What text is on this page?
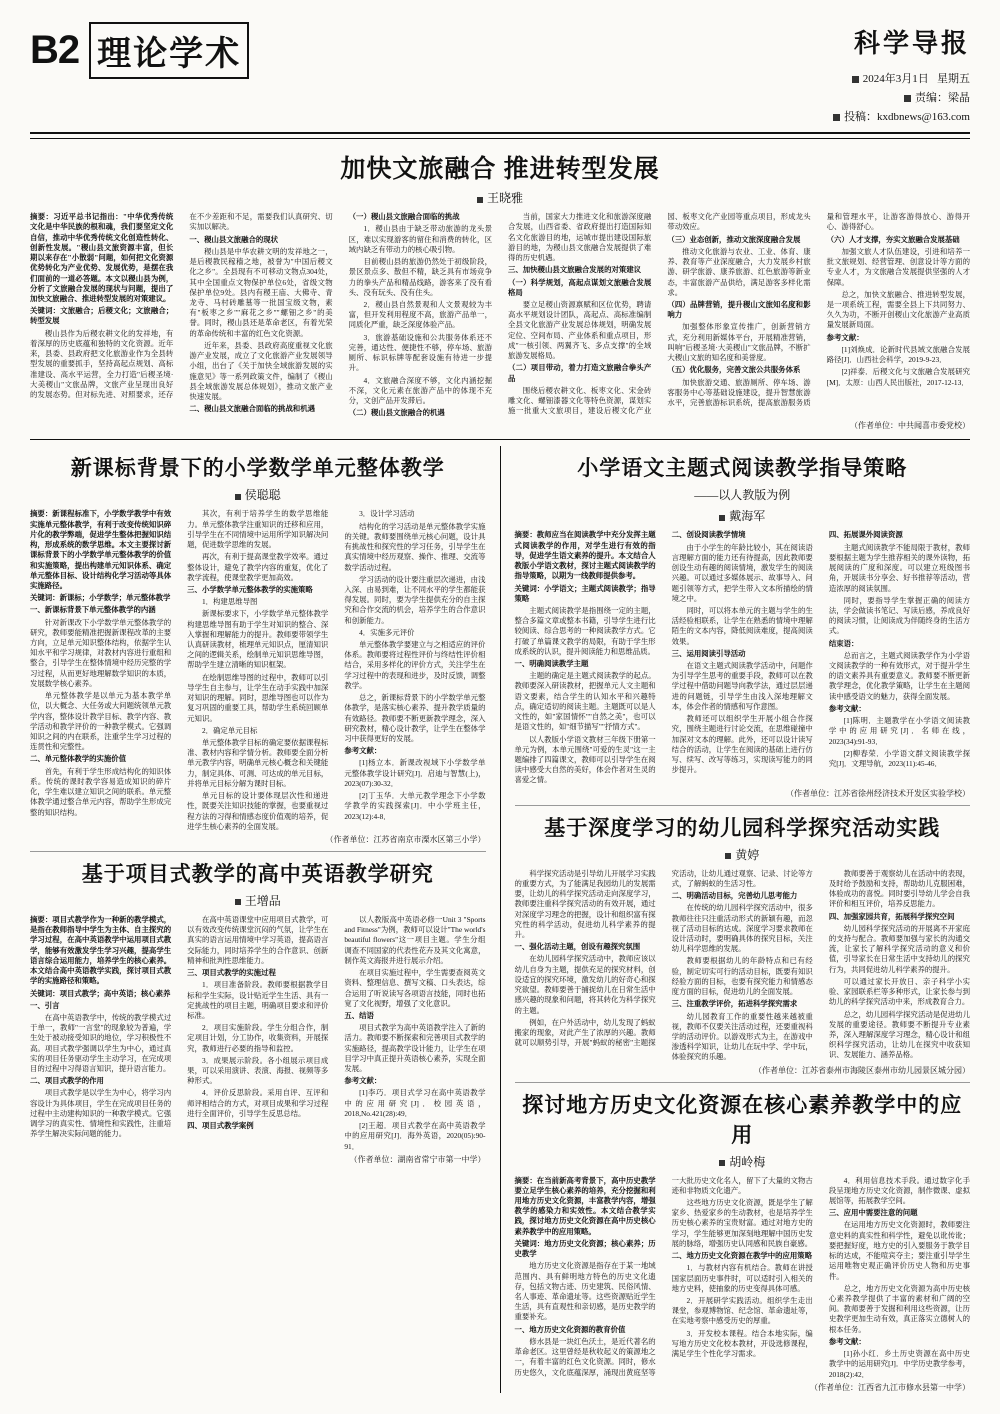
B2 理论学术	科学导报
2024年3月1日 星期五
责编：梁晶
投稿：kxdbnews@163.com
加快文旅融合 推进转型发展
王晓雅

摘要：习近平总书记指出："中华优秀传统文化是中华民族的根和魂，我们要坚定文化自信，推动中华优秀传统文化创造性转化、创新性发展。"稷山县文旅资源丰富，但长期以来存在"小散弱"问题，如何把文化资源优势转化为产业优势、发展优势，是摆在我们面前的一道必答题。本文以稷山县为例，分析了文旅融合发展的现状与问题，提出了加快文旅融合、推进转型发展的对策建议。

关键词：文旅融合；后稷文化；文旅融合；转型发展

稷山县作为后稷农耕文化的发祥地，有着深厚的历史底蕴和独特的文化资源。近年来，县委、县政府把文化旅游业作为全县转型发展的重要抓手，坚持高起点规划、高标准建设、高水平运营，全力打造"后稷圣境·大美稷山"文旅品牌，文旅产业呈现出良好的发展态势。但对标先进、对照要求，还存在不少差距和不足，需要我们认真研究、切实加以解决。

一、稷山县文旅融合的现状

稷山县是中华农耕文明的发祥地之一，是后稷教民稼穑之地，被誉为"中国后稷文化之乡"。全县现有不可移动文物点304处，其中全国重点文物保护单位6处，省级文物保护单位9处。县内有稷王庙、大佛寺、青龙寺、马村砖雕墓等一批国宝级文物，素有"板枣之乡""麻花之乡""螺钿之乡"的美誉。同时，稷山县还是革命老区，有着光荣的革命传统和丰富的红色文化资源。

近年来，县委、县政府高度重视文化旅游产业发展，成立了文化旅游产业发展领导小组，出台了《关于加快全域旅游发展的实施意见》等一系列政策文件，编制了《稷山县全域旅游发展总体规划》，推动文旅产业快速发展。

二、稷山县文旅融合面临的挑战和机遇

（一）稷山县文旅融合面临的挑战

1．稷山县由于缺乏带动旅游的龙头景区，难以实现游客的留住和消费的转化，区域内缺乏有带动力的核心吸引物。

目前稷山县的旅游仍然处于初级阶段，景区景点多、散但不精，缺乏具有市场竞争力的拳头产品和精品线路，游客来了没有看头、没有玩头、没有住头。

2．稷山县自然景观和人文景观较为丰富，但开发利用程度不高，旅游产品单一，同质化严重，缺乏深度体验产品。

3．旅游基础设施和公共服务体系还不完善，通达性、便捷性不够，停车场、旅游厕所、标识标牌等配套设施有待进一步提升。

4．文旅融合深度不够，文化内涵挖掘不深，文化元素在旅游产品中的体现不充分，文创产品开发滞后。

（二）稷山县文旅融合的机遇

当前，国家大力推进文化和旅游深度融合发展，山西省委、省政府提出打造国际知名文化旅游目的地，运城市提出建设国际旅游目的地，为稷山县文旅融合发展提供了难得的历史机遇。

三、加快稷山县文旅融合发展的对策建议

（一）科学规划，高起点谋划文旅融合发展格局

要立足稷山资源禀赋和区位优势，聘请高水平规划设计团队，高起点、高标准编制全县文化旅游产业发展总体规划，明确发展定位、空间布局、产业体系和重点项目，形成"一核引领、两翼齐飞、多点支撑"的全域旅游发展格局。

（二）项目带动，着力打造文旅融合拳头产品

围绕后稷农耕文化、板枣文化、宋金砖雕文化、螺钿漆器文化等特色资源，谋划实施一批重大文旅项目，建设后稷文化产业园、板枣文化产业园等重点项目，形成龙头带动效应。

（三）业态创新，推动文旅深度融合发展

推动文化旅游与农业、工业、体育、康养、教育等产业深度融合，大力发展乡村旅游、研学旅游、康养旅游、红色旅游等新业态，丰富旅游产品供给，满足游客多样化需求。

（四）品牌营销，提升稷山文旅知名度和影响力

加强整体形象宣传推广，创新营销方式，充分利用新媒体平台，开展精准营销，叫响"后稷圣境·大美稷山"文旅品牌，不断扩大稷山文旅的知名度和美誉度。

（五）优化服务，完善文旅公共服务体系

加快旅游交通、旅游厕所、停车场、游客服务中心等基础设施建设，提升智慧旅游水平，完善旅游标识系统，提高旅游服务质量和管理水平，让游客游得放心、游得开心、游得舒心。

（六）人才支撑，夯实文旅融合发展基础

加强文旅人才队伍建设，引进和培养一批文旅规划、经营管理、创意设计等方面的专业人才，为文旅融合发展提供坚强的人才保障。

总之，加快文旅融合、推进转型发展，是一项系统工程，需要全县上下共同努力、久久为功，不断开创稷山文化旅游产业高质量发展新局面。

参考文献：

[1]刘焕成．论新时代县域文旅融合发展路径[J]．山西社会科学，2019-9-23．

[2]祥泰．后稷文化与文旅融合发展研究[M]．太原：山西人民出版社，2017-12-13．

（作者单位：中共闻喜市委党校）
新课标背景下的小学数学单元整体教学
侯聪聪

摘要：新课程标准下，小学数学教学中有效实施单元整体教学，有利于改变传统知识碎片化的教学弊端，促进学生整体把握知识结构，形成系统的数学思维。本文主要探讨新课标背景下的小学数学单元整体教学的价值和实施策略，提出构建单元知识体系、确定单元整体目标、设计结构化学习活动等具体实施路径。

关键词：新课标；小学数学；单元整体教学

一、新课标背景下单元整体教学的内涵

针对新课改下小学数学单元整体教学的研究，教师要能精准把握新课程改革的主要方向，立足单元知识整体结构，依据学生认知水平和学习规律，对教材内容进行重组和整合，引导学生在整体情境中经历完整的学习过程，从而更好地理解数学知识的本质，发展数学核心素养。

单元整体教学是以单元为基本教学单位，以大概念、大任务或大问题统领单元教学内容，整体设计教学目标、教学内容、教学活动和教学评价的一种教学模式。它强调知识之间的内在联系，注重学生学习过程的连贯性和完整性。

二、单元整体教学的实施价值

首先，有利于学生形成结构化的知识体系。传统的课时教学容易造成知识的碎片化，学生难以建立知识之间的联系。单元整体教学通过整合单元内容，帮助学生形成完整的知识结构。

其次，有利于培养学生的数学思维能力。单元整体教学注重知识的迁移和应用，引导学生在不同情境中运用所学知识解决问题，促进数学思维的发展。

再次，有利于提高课堂教学效率。通过整体设计，避免了教学内容的重复，优化了教学流程，使课堂教学更加高效。

三、小学数学单元整体教学的实施策略

1．构建思维导图

新课标要求下，小学数学单元整体教学构建思维导图有助于学生对知识的整合、深入掌握和理解能力的提升。教师要带领学生认真研读教材，梳理单元知识点，厘清知识之间的逻辑关系，绘制单元知识思维导图，帮助学生建立清晰的知识框架。

在绘制思维导图的过程中，教师可以引导学生自主参与，让学生在动手实践中加深对知识的理解。同时，思维导图也可以作为复习巩固的重要工具，帮助学生系统回顾单元知识。

2．确定单元目标

单元整体教学目标的确定要依据课程标准、教材内容和学情分析。教师要全面分析单元教学内容，明确单元核心概念和关键能力，制定具体、可测、可达成的单元目标，并将单元目标分解为课时目标。

单元目标的设计要体现层次性和递进性，既要关注知识技能的掌握，也要重视过程方法的习得和情感态度价值观的培养，促进学生核心素养的全面发展。

3．设计学习活动

结构化的学习活动是单元整体教学实施的关键。教师要围绕单元核心问题，设计具有挑战性和探究性的学习任务，引导学生在真实情境中经历观察、操作、推理、交流等数学活动过程。

学习活动的设计要注重层次递进，由浅入深、由易到难，让不同水平的学生都能获得发展。同时，要为学生提供充分的自主探究和合作交流的机会，培养学生的合作意识和创新能力。

4．实施多元评价

单元整体教学要建立与之相适应的评价体系。教师要将过程性评价与终结性评价相结合，采用多样化的评价方式，关注学生在学习过程中的表现和进步，及时反馈，调整教学。

总之，新课标背景下的小学数学单元整体教学，是落实核心素养、提升教学质量的有效路径。教师要不断更新教学理念，深入研究教材，精心设计教学，让学生在整体学习中获得更好的发展。

参考文献：

[1]杨立本．新课改视域下小学数学单元整体教学设计研究[J]．启迪与智慧(上)，2023(07):30-32．

[2]丁玉华．大单元教学理念下小学数学教学的实践探索[J]．中小学班主任，2023(12):4-8．

（作者单位：江苏省南京市溧水区第三小学）
基于项目式教学的高中英语教学研究
王增品

摘要：项目式教学作为一种新的教学模式，是指在教师指导中学生为主体、自主探究的学习过程，在高中英语教学中运用项目式教学，能够有效激发学生学习兴趣，提高学生语言综合运用能力，培养学生的核心素养。本文结合高中英语教学实践，探讨项目式教学的实施路径和策略。

关键词：项目式教学；高中英语；核心素养

一、引言

在高中英语教学中，传统的教学模式过于单一，教师"一言堂"的现象较为普遍，学生处于被动接受知识的地位，学习积极性不高。项目式教学强调以学生为中心，通过真实的项目任务驱动学生主动学习，在完成项目的过程中习得语言知识，提升语言能力。

二、项目式教学的作用

项目式教学是以学生为中心，将学习内容设计为具体项目，学生在完成项目任务的过程中主动建构知识的一种教学模式。它强调学习的真实性、情境性和实践性，注重培养学生解决实际问题的能力。

在高中英语课堂中应用项目式教学，可以有效改变传统课堂沉闷的气氛，让学生在真实的语言运用情境中学习英语，提高语言交际能力，同时培养学生的合作意识、创新精神和批判性思维能力。

三、项目式教学的实施过程

1．项目准备阶段。教师要根据教学目标和学生实际，设计贴近学生生活、具有一定挑战性的项目主题，明确项目要求和评价标准。

2．项目实施阶段。学生分组合作，制定项目计划，分工协作，收集资料，开展探究，教师进行必要的指导和监控。

3．成果展示阶段。各小组展示项目成果，可以采用演讲、表演、海报、视频等多种形式。

4．评价反思阶段。采用自评、互评和师评相结合的方式，对项目成果和学习过程进行全面评价，引导学生反思总结。

四、项目式教学案例

以人教版高中英语必修一Unit 3 "Sports and Fitness"为例，教师可以设计"The world's beautiful flowers"这一项目主题。学生分组调查不同国家的代表性花卉及其文化寓意，制作英文海报并进行展示介绍。

在项目实施过程中，学生需要查阅英文资料、整理信息、撰写文稿、口头表达，综合运用了听说读写各项语言技能，同时也拓宽了文化视野，增强了文化意识。

五、结语

项目式教学为高中英语教学注入了新的活力。教师要不断探索和完善项目式教学的实施路径，提高教学设计能力，让学生在项目学习中真正提升英语核心素养，实现全面发展。

参考文献：

[1]李巧．项目式学习在高中英语教学中的应用研究[J]．校园英语，2018,No.421(28):49．

[2]王超．项目式教学在高中英语教学中的应用研究[J]．海外英语，2020(05):90-91．

（作者单位：湖南省常宁市第一中学）
小学语文主题式阅读教学指导策略
——以人教版为例
戴海军

摘要：教师应当在阅读教学中充分发挥主题式阅读教学的作用，对学生进行有效的指导，促进学生语文素养的提升。本文结合人教版小学语文教材，探讨主题式阅读教学的指导策略，以期为一线教师提供参考。

关键词：小学语文；主题式阅读教学；指导策略

主题式阅读教学是指围绕一定的主题，整合多篇文章或整本书籍，引导学生进行比较阅读、综合思考的一种阅读教学方式。它打破了单篇课文教学的局限，有助于学生形成系统的认识，提升阅读能力和思维品质。

一、明确阅读教学主题

主题的确定是主题式阅读教学的起点。教师要深入研读教材，把握单元人文主题和语文要素，结合学生的认知水平和兴趣特点，确定适切的阅读主题。主题既可以是人文性的，如"家国情怀""自然之美"，也可以是语文性的，如"细节描写""抒情方式"。

以人教版小学语文教材三年级下册第一单元为例，本单元围绕"可爱的生灵"这一主题编排了四篇课文，教师可以引导学生在阅读中感受大自然的美好，体会作者对生灵的喜爱之情。

二、创设阅读教学情境

由于小学生的年龄比较小，其在阅读语言理解方面的能力还有待提高，因此教师要创设生动有趣的阅读情境，激发学生的阅读兴趣。可以通过多媒体展示、故事导入、问题引领等方式，把学生带入文本所描绘的情境之中。

同时，可以将本单元的主题与学生的生活经验相联系，让学生在熟悉的情境中理解陌生的文本内容，降低阅读难度，提高阅读效果。

三、运用阅读引导活动

在语文主题式阅读教学活动中，问题作为引导学生思考的重要手段，教师可以在教学过程中借助问题导向教学法，通过层层递进的问题链，引导学生由浅入深地理解文本，体会作者的情感和写作意图。

教师还可以组织学生开展小组合作探究，围绕主题进行讨论交流，在思维碰撞中加深对文本的理解。此外，还可以设计读写结合的活动，让学生在阅读的基础上进行仿写、续写、改写等练习，实现读写能力的同步提升。

四、拓展课外阅读资源

主题式阅读教学不能局限于教材，教师要根据主题为学生推荐相关的课外读物，拓展阅读的广度和深度。可以建立班级图书角，开展读书分享会、好书推荐等活动，营造浓厚的阅读氛围。

同时，要指导学生掌握正确的阅读方法，学会做读书笔记、写读后感，养成良好的阅读习惯，让阅读成为伴随终身的生活方式。

结束语：

总而言之，主题式阅读教学作为小学语文阅读教学的一种有效形式，对于提升学生的语文素养具有重要意义。教师要不断更新教学理念，优化教学策略，让学生在主题阅读中感受语文的魅力，获得全面发展。

参考文献：

[1]陈明．主题教学在小学语文阅读教学中的应用研究[J]．名师在线，2023(34):91-93．

[2]柳春荣．小学语文群文阅读教学探究[J]．文理导航，2023(11):45-46．

（作者单位：江苏省徐州经济技术开发区实验学校）
基于深度学习的幼儿园科学探究活动实践
黄婷

科学探究活动是引导幼儿开展学习实践的重要方式，为了能满足我园幼儿的发展需要，让幼儿的科学探究活动走向深度学习，教师要注重科学探究活动的有效开展，通过对深度学习理念的把握，设计和组织富有探究性的科学活动，促进幼儿科学素养的提升。

一、强化活动主题，创设有趣探究氛围

在幼儿园科学探究活动中，教师应该以幼儿自身为主题，提供充足的探究材料，创设适宜的探究环境，激发幼儿的好奇心和探究欲望。教师要善于捕捉幼儿在日常生活中感兴趣的现象和问题，将其转化为科学探究的主题。

例如，在户外活动中，幼儿发现了蚂蚁搬家的现象，对此产生了浓厚的兴趣。教师就可以顺势引导，开展"蚂蚁的秘密"主题探究活动，让幼儿通过观察、记录、讨论等方式，了解蚂蚁的生活习性。

二、明确活动目标，完善幼儿思考能力

在传统的幼儿园科学探究活动中，很多教师往往只注重活动形式的新颖有趣，而忽视了活动目标的达成。深度学习要求教师在设计活动时，要明确具体的探究目标，关注幼儿科学思维的发展。

教师要根据幼儿的年龄特点和已有经验，制定切实可行的活动目标，既要有知识经验方面的目标，也要有探究能力和情感态度方面的目标，促进幼儿的全面发展。

三、注重教学评价，拓进科学探究需求

幼儿园教育工作的重要性越来越被重视，教师不仅要关注活动过程，还要重视科学的活动评价。以游戏形式为主，在游戏中渗透科学知识，让幼儿在玩中学、学中玩，体验探究的乐趣。

教师要善于观察幼儿在活动中的表现，及时给予鼓励和支持，帮助幼儿克服困难，体验成功的喜悦。同时要引导幼儿学会自我评价和相互评价，培养反思能力。

四、加强家园共育，拓展科学探究空间

幼儿园科学探究活动的开展离不开家庭的支持与配合。教师要加强与家长的沟通交流，让家长了解科学探究活动的意义和价值，引导家长在日常生活中支持幼儿的探究行为，共同促进幼儿科学素养的提升。

可以通过家长开放日、亲子科学小实验、家园联系栏等多种形式，让家长参与到幼儿的科学探究活动中来，形成教育合力。

总之，幼儿园科学探究活动是促进幼儿发展的重要途径。教师要不断提升专业素养，深入理解深度学习理念，精心设计和组织科学探究活动，让幼儿在探究中收获知识、发展能力、涵养品格。

（作者单位：江苏省泰州市海陵区泰州市幼儿园景区城分园）
探讨地方历史文化资源在核心素养教学中的应用
胡岭梅

摘要：在当前新高考背景下，高中历史教学要立足学生核心素养的培养，充分挖掘和利用地方历史文化资源，丰富教学内容，增强教学的感染力和实效性。本文结合教学实践，探讨地方历史文化资源在高中历史核心素养教学中的应用策略。

关键词：地方历史文化资源；核心素养；历史教学

地方历史文化资源是指存在于某一地域范围内、具有鲜明地方特色的历史文化遗存，包括文物古迹、历史建筑、民俗风情、名人事迹、革命遗址等。这些资源贴近学生生活，具有直观性和亲切感，是历史教学的重要补充。

一、地方历史文化资源的教育价值

修水县是一块红色沃土，是近代著名的革命老区。这里曾经是秋收起义的策源地之一，有着丰富的红色文化资源。同时，修水历史悠久，文化底蕴深厚，涌现出黄庭坚等一大批历史文化名人，留下了大量的文物古迹和非物质文化遗产。

这些地方历史文化资源，既是学生了解家乡、热爱家乡的生动教材，也是培养学生历史核心素养的宝贵财富。通过对地方史的学习，学生能够更加深刻地理解中国历史发展的脉络，增强历史认同感和民族自豪感。

二、地方历史文化资源在教学中的应用策略

1．与教材内容有机结合。教师在讲授国家层面历史事件时，可以适时引入相关的地方史料，使抽象的历史变得具体可感。

2．开展研学实践活动。组织学生走出课堂，参观博物馆、纪念馆、革命遗址等，在实地考察中感受历史的厚重。

3．开发校本课程。结合本地实际，编写地方历史文化校本教材，开设选修课程，满足学生个性化学习需求。

4．利用信息技术手段。通过数字化手段呈现地方历史文化资源，制作微课、虚拟展馆等，拓展教学空间。

三、应用中需要注意的问题

在运用地方历史文化资源时，教师要注意史料的真实性和科学性，避免以讹传讹；要把握好度，地方史的引入要服务于教学目标的达成，不能喧宾夺主；要注重引导学生运用唯物史观正确评价历史人物和历史事件。

总之，地方历史文化资源为高中历史核心素养教学提供了丰富的素材和广阔的空间。教师要善于发掘和利用这些资源，让历史教学更加生动有效，真正落实立德树人的根本任务。

参考文献：

[1]孙小红．乡土历史资源在高中历史教学中的运用研究[J]．中学历史教学参考，2018(2):42．

（作者单位：江西省九江市修水县第一中学）
